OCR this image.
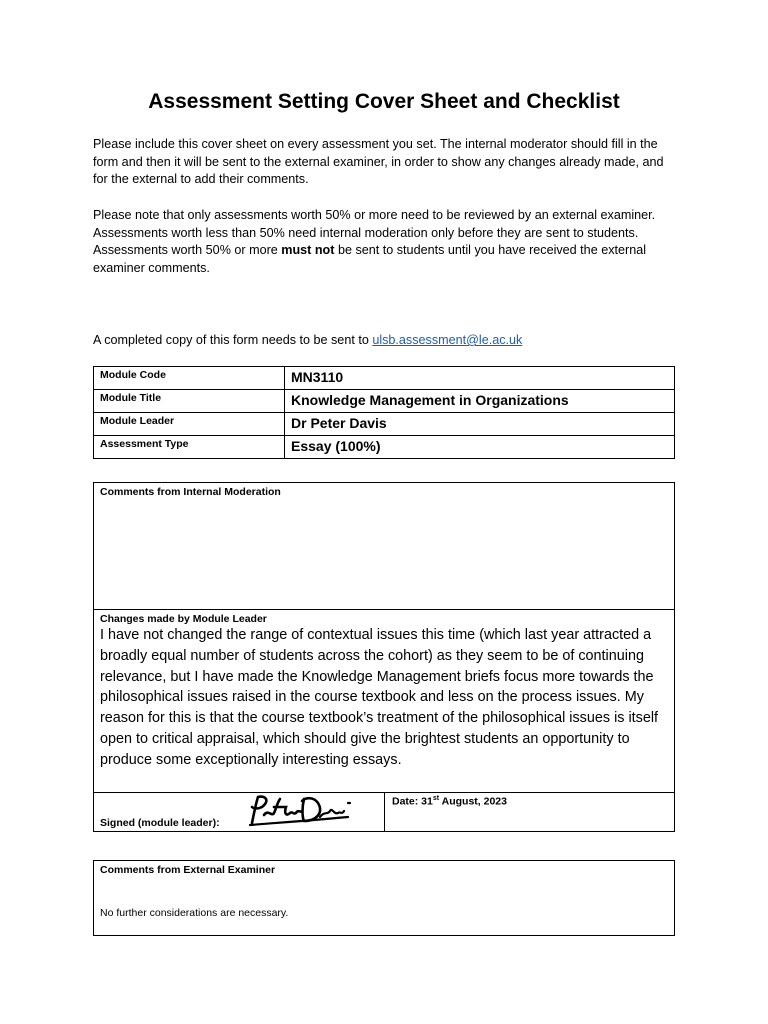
Assessment Setting Cover Sheet and Checklist

Please include this cover sheet on every assessment you set. The internal moderator should fill in the form and then it will be sent to the external examiner, in order to show any changes already made, and for the external to add their comments.

Please note that only assessments worth 50% or more need to be reviewed by an external examiner.
Assessments worth less than 50% need internal moderation only before they are sent to students.
Assessments worth 50% or more must not be sent to students until you have received the external examiner comments.

A completed copy of this form needs to be sent to ulsb.assessment@le.ac.uk

Module Code	MN3110
Module Title	Knowledge Management in Organizations
Module Leader	Dr Peter Davis
Assessment Type	Essay (100%)
Comments from Internal Moderation
Changes made by Module Leader
I have not changed the range of contextual issues this time (which last year attracted a broadly equal number of students across the cohort) as they seem to be of continuing relevance, but I have made the Knowledge Management briefs focus more towards the philosophical issues raised in the course textbook and less on the process issues. My reason for this is that the course textbook’s treatment of the philosophical issues is itself open to critical appraisal, which should give the brightest students an opportunity to produce some exceptionally interesting essays.
Signed (module leader):
Date: 31st August, 2023
Comments from External Examiner
No further considerations are necessary.
